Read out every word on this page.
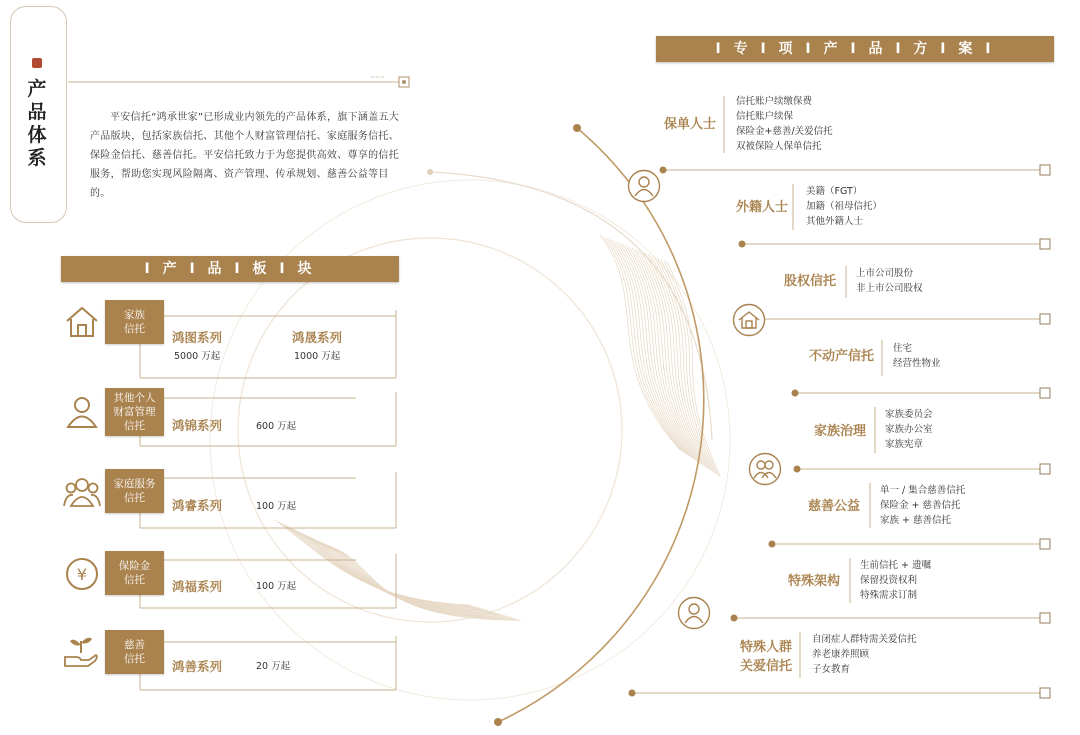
~~~
产品体系
平安信托“鸿承世家”已形成业内领先的产品体系，旗下涵盖五大产品版块，包括家族信托、其他个人财富管理信托、家庭服务信托、保险金信托、慈善信托。平安信托致力于为您提供高效、尊享的信托服务，帮助您实现风险隔离、资产管理、传承规划、慈善公益等目的。
I 产 I 品 I 板 I 块
I 专 I 项 I 产 I 品 I 方 I 案 I
家族
信托
鸿图系列
5000 万起
鸿晟系列
1000 万起
其他个人
财富管理
信托	鸿锦系列	600 万起
家庭服务
信托	鸿睿系列	100 万起
¥	保险金
信托	鸿福系列	100 万起
慈善
信托	鸿善系列	20 万起
保单人士
信托账户续缴保费
信托账户续保
保险金+慈善/关爱信托
双被保险人保单信托
外籍人士
美籍（FGT）
加籍（祖母信托）
其他外籍人士
股权信托
上市公司股份
非上市公司股权
不动产信托
住宅
经营性物业
家族治理
家族委员会
家族办公室
家族宪章
慈善公益
单一 / 集合慈善信托
保险金 + 慈善信托
家族 + 慈善信托
特殊架构
生前信托 + 遗嘱
保留投资权利
特殊需求订制
特殊人群
关爱信托
自闭症人群特需关爱信托
养老康养照顾
子女教育
